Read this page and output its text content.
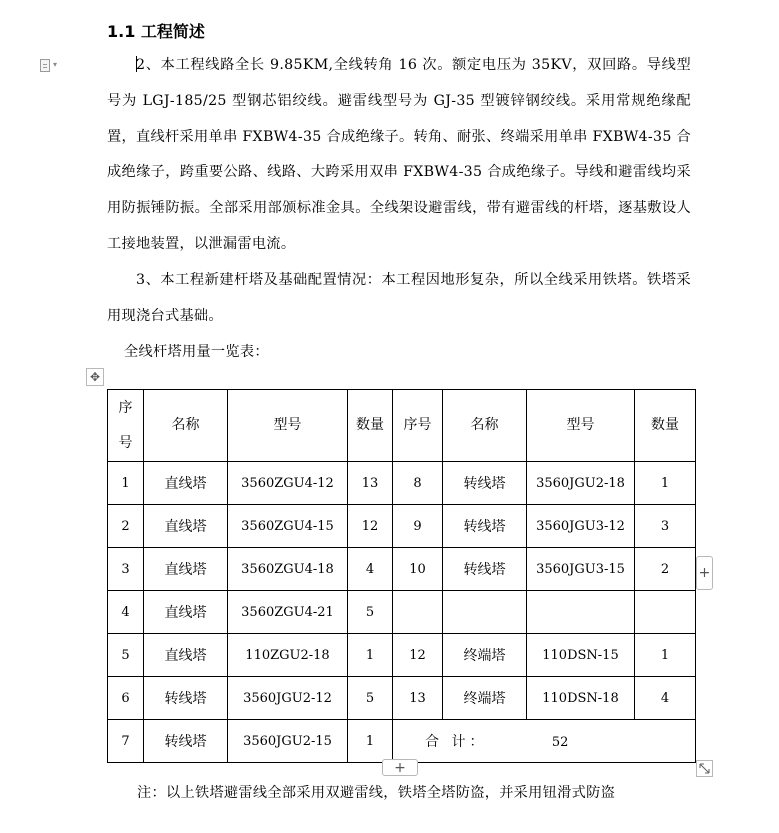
1.1 工程简述
▾	2、本工程线路全长 9.85KM,全线转角 16 次。额定电压为 35KV，双回路。导线型号为 LGJ-185/25 型钢芯铝绞线。避雷线型号为 GJ-35 型镀锌钢绞线。采用常规绝缘配置，直线杆采用单串 FXBW4-35 合成绝缘子。转角、耐张、终端采用单串 FXBW4-35 合成绝缘子，跨重要公路、线路、大跨采用双串 FXBW4-35 合成绝缘子。导线和避雷线均采用防振锤防振。全部采用部颁标准金具。全线架设避雷线，带有避雷线的杆塔，逐基敷设人工接地装置，以泄漏雷电流。
3、本工程新建杆塔及基础配置情况：本工程因地形复杂，所以全线采用铁塔。铁塔采用现浇台式基础。
全线杆塔用量一览表：
✥
序
号	名称	型号	数量	序号	名称	型号	数量
1	直线塔	3560ZGU4-12	13	8	转线塔	3560JGU2-18	1
2	直线塔	3560ZGU4-15	12	9	转线塔	3560JGU3-12	3
3	直线塔	3560ZGU4-18	4	10	转线塔	3560JGU3-15	2
4	直线塔	3560ZGU4-21	5				
5	直线塔	110ZGU2-18	1	12	终端塔	110DSN-15	1
6	转线塔	3560JGU2-12	5	13	终端塔	110DSN-18	4
7	转线塔	3560JGU2-15	1	合 计： 52			
+
+
注：以上铁塔避雷线全部采用双避雷线，铁塔全塔防盗，并采用钮滑式防盗
